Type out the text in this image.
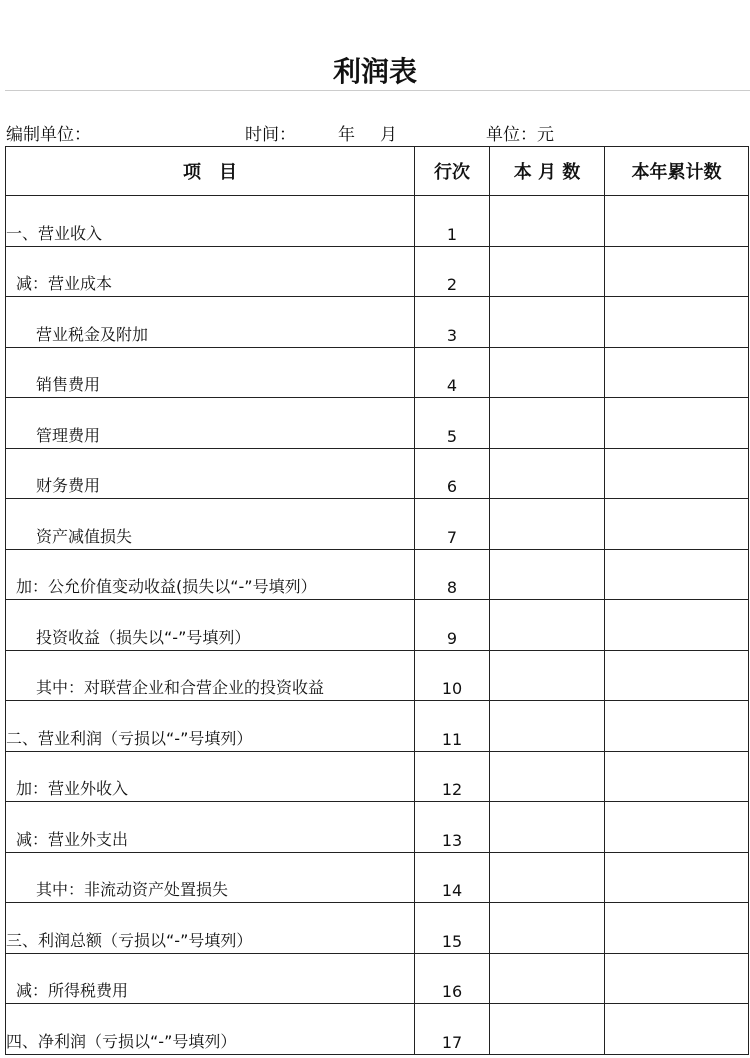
利润表
编制单位：	时间： 年 月	单位：元
项　目	行次	本 月 数	本年累计数
一、营业收入	1		
减：营业成本	2		
营业税金及附加	3		
销售费用	4		
管理费用	5		
财务费用	6		
资产减值损失	7		
加：公允价值变动收益(损失以“-”号填列）	8		
投资收益（损失以“-”号填列）	9		
其中：对联营企业和合营企业的投资收益	10		
二、营业利润（亏损以“-”号填列）	11		
加：营业外收入	12		
减：营业外支出	13		
其中：非流动资产处置损失	14		
三、利润总额（亏损以“-”号填列）	15		
减：所得税费用	16		
四、净利润（亏损以“-”号填列）	17		
